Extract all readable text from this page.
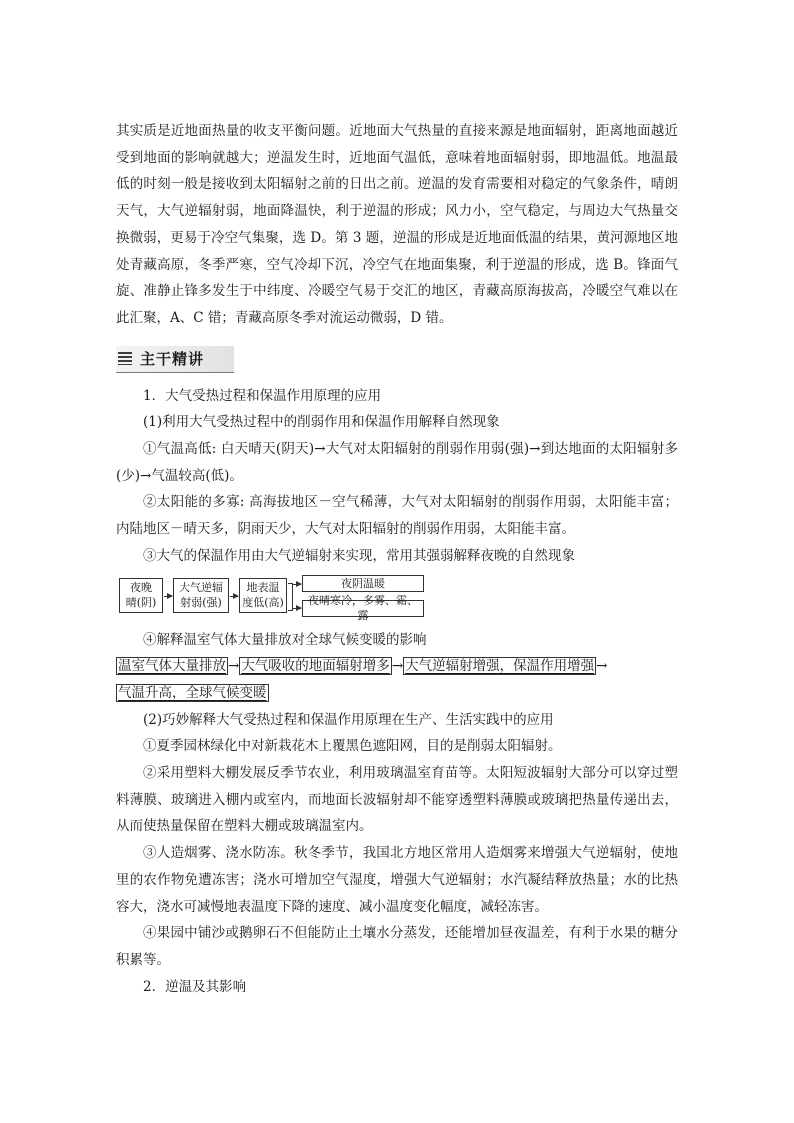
其实质是近地面热量的收支平衡问题。近地面大气热量的直接来源是地面辐射，距离地面越近受到地面的影响就越大；逆温发生时，近地面气温低，意味着地面辐射弱，即地温低。地温最低的时刻一般是接收到太阳辐射之前的日出之前。逆温的发育需要相对稳定的气象条件，晴朗天气，大气逆辐射弱，地面降温快，利于逆温的形成；风力小，空气稳定，与周边大气热量交换微弱，更易于冷空气集聚，选 D。第 3 题，逆温的形成是近地面低温的结果，黄河源地区地处青藏高原，冬季严寒，空气冷却下沉，冷空气在地面集聚，利于逆温的形成，选 B。锋面气旋、准静止锋多发生于中纬度、冷暖空气易于交汇的地区，青藏高原海拔高，冷暖空气难以在此汇聚，A、C 错；青藏高原冬季对流运动微弱，D 错。

主干精讲

1．大气受热过程和保温作用原理的应用

(1)利用大气受热过程中的削弱作用和保温作用解释自然现象

①气温高低: 白天晴天(阴天)→大气对太阳辐射的削弱作用弱(强)→到达地面的太阳辐射多(少)→气温较高(低)。

②太阳能的多寡: 高海拔地区－空气稀薄，大气对太阳辐射的削弱作用弱，太阳能丰富；内陆地区－晴天多，阴雨天少，大气对太阳辐射的削弱作用弱，太阳能丰富。

③大气的保温作用由大气逆辐射来实现，常用其强弱解释夜晚的自然现象

夜晚
晴(阴)
大气逆辐
射弱(强)
地表温
度低(高)
夜阴温暖
夜晴寒冷，多雾、霜、露

④解释温室气体大量排放对全球气候变暖的影响

温室气体大量排放 → 大气吸收的地面辐射增多 → 大气逆辐射增强，保温作用增强 →
气温升高，全球气候变暖

(2)巧妙解释大气受热过程和保温作用原理在生产、生活实践中的应用

①夏季园林绿化中对新栽花木上覆黑色遮阳网，目的是削弱太阳辐射。

②采用塑料大棚发展反季节农业，利用玻璃温室育苗等。太阳短波辐射大部分可以穿过塑料薄膜、玻璃进入棚内或室内，而地面长波辐射却不能穿透塑料薄膜或玻璃把热量传递出去，从而使热量保留在塑料大棚或玻璃温室内。

③人造烟雾、浇水防冻。秋冬季节，我国北方地区常用人造烟雾来增强大气逆辐射，使地里的农作物免遭冻害；浇水可增加空气湿度，增强大气逆辐射；水汽凝结释放热量；水的比热容大，浇水可减慢地表温度下降的速度、减小温度变化幅度，减轻冻害。

④果园中铺沙或鹅卵石不但能防止土壤水分蒸发，还能增加昼夜温差，有利于水果的糖分积累等。

2．逆温及其影响
